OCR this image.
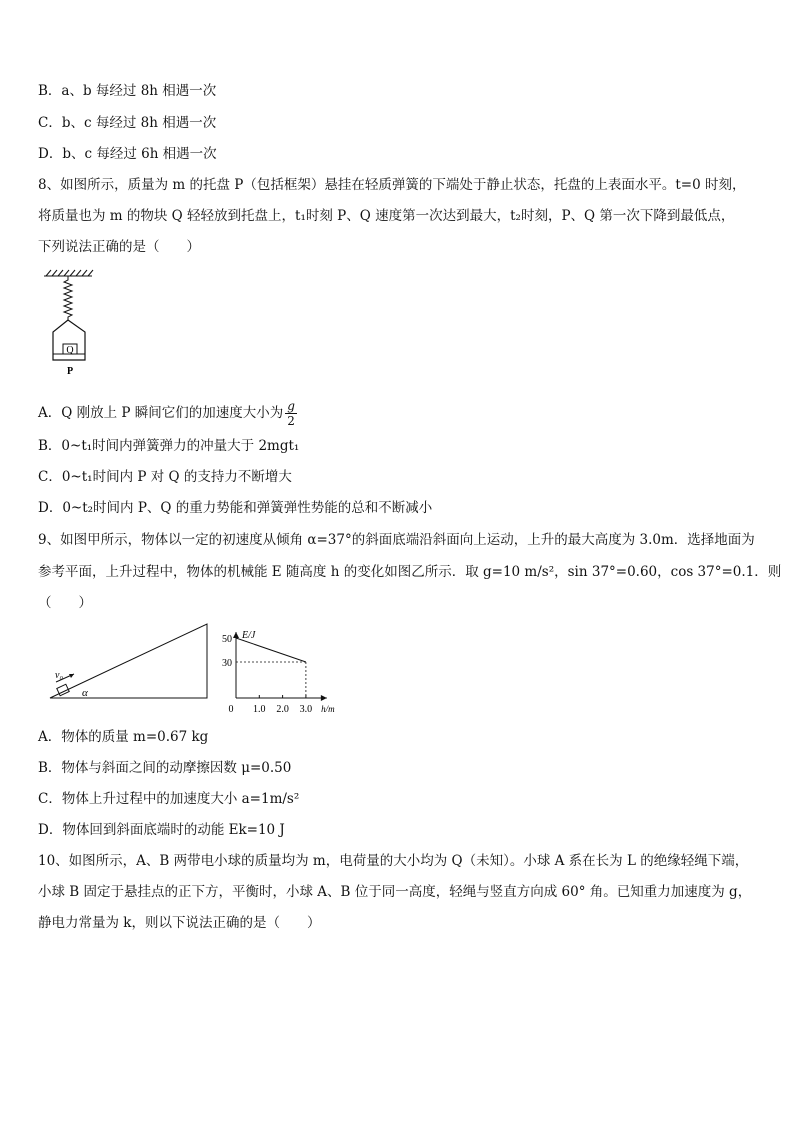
B．a、b 每经过 8h 相遇一次
C．b、c 每经过 8h 相遇一次
D．b、c 每经过 6h 相遇一次
8、如图所示，质量为 m 的托盘 P（包括框架）悬挂在轻质弹簧的下端处于静止状态，托盘的上表面水平。t=0 时刻，
将质量也为 m 的物块 Q 轻轻放到托盘上，t₁时刻 P、Q 速度第一次达到最大，t₂时刻，P、Q 第一次下降到最低点，
下列说法正确的是（　　）
Q
P
A．Q 刚放上 P 瞬间它们的加速度大小为 $\frac{g}{2}$
B．0~t₁时间内弹簧弹力的冲量大于 2mgt₁
C．0~t₁时间内 P 对 Q 的支持力不断增大
D．0~t₂时间内 P、Q 的重力势能和弹簧弹性势能的总和不断减小
9、如图甲所示，物体以一定的初速度从倾角 α=37°的斜面底端沿斜面向上运动，上升的最大高度为 3.0m．选择地面为
参考平面，上升过程中，物体的机械能 E 随高度 h 的变化如图乙所示．取 g=10 m/s²，sin 37°=0.60，cos 37°=0.1．则
（　　）
v₀
α
0 1.0 2.0 3.0
50
30
h/m
E/J
A．物体的质量 m=0.67 kg
B．物体与斜面之间的动摩擦因数 μ=0.50
C．物体上升过程中的加速度大小 a=1m/s²
D．物体回到斜面底端时的动能 Ek=10 J
10、如图所示，A、B 两带电小球的质量均为 m，电荷量的大小均为 Q（未知）。小球 A 系在长为 L 的绝缘轻绳下端，
小球 B 固定于悬挂点的正下方，平衡时，小球 A、B 位于同一高度，轻绳与竖直方向成 60° 角。已知重力加速度为 g，
静电力常量为 k，则以下说法正确的是（　　）
